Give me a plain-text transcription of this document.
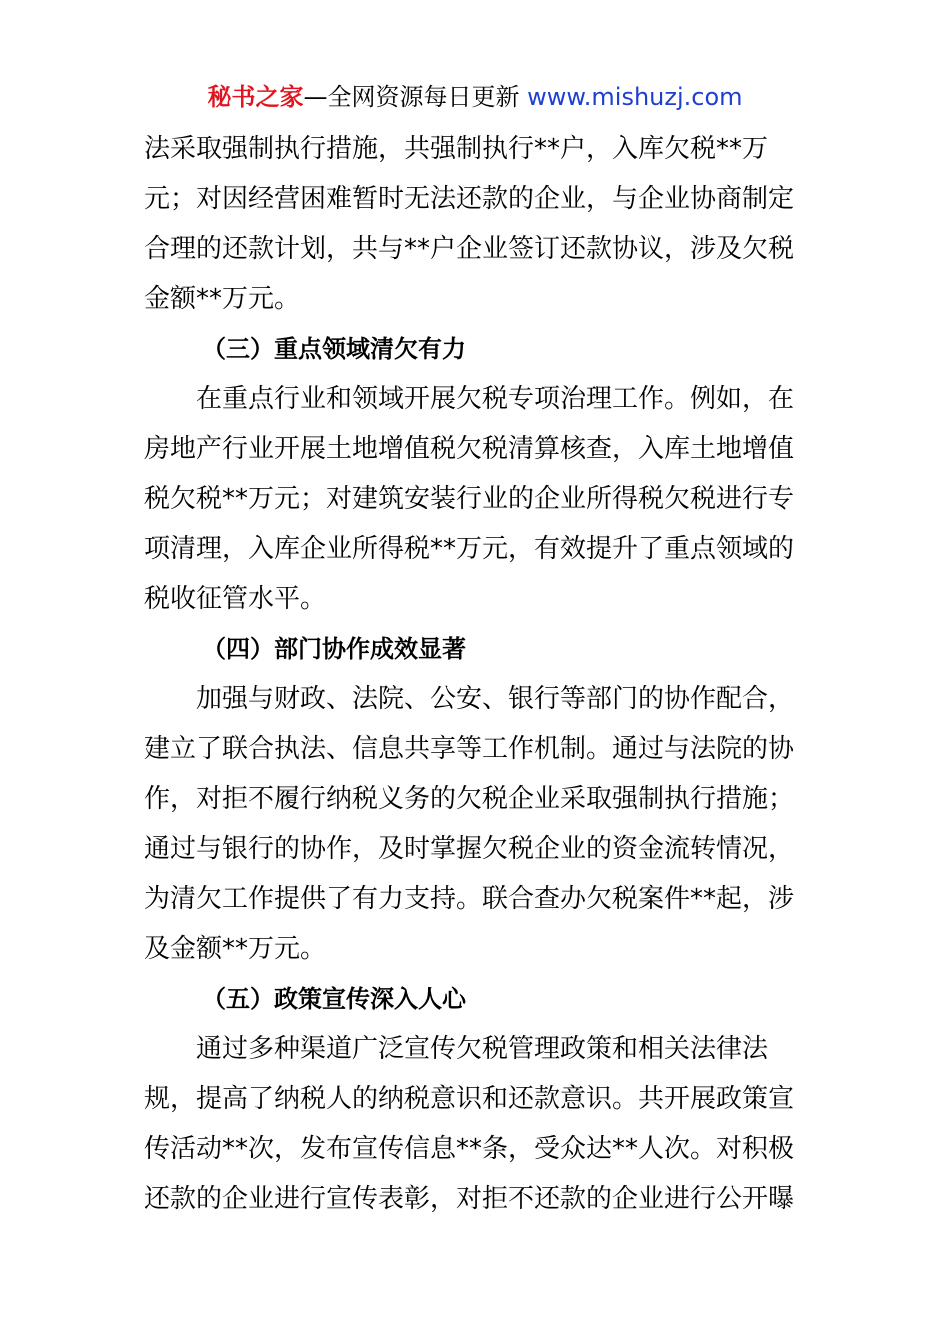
秘书之家—全网资源每日更新 www.mishuzj.com
法采取强制执行措施，共强制执行**户，入库欠税**万
元；对因经营困难暂时无法还款的企业，与企业协商制定
合理的还款计划，共与**户企业签订还款协议，涉及欠税
金额**万元。
（三）重点领域清欠有力
在重点行业和领域开展欠税专项治理工作。例如，在
房地产行业开展土地增值税欠税清算核查，入库土地增值
税欠税**万元；对建筑安装行业的企业所得税欠税进行专
项清理，入库企业所得税**万元，有效提升了重点领域的
税收征管水平。
（四）部门协作成效显著
加强与财政、法院、公安、银行等部门的协作配合，
建立了联合执法、信息共享等工作机制。通过与法院的协
作，对拒不履行纳税义务的欠税企业采取强制执行措施；
通过与银行的协作，及时掌握欠税企业的资金流转情况，
为清欠工作提供了有力支持。联合查办欠税案件**起，涉
及金额**万元。
（五）政策宣传深入人心
通过多种渠道广泛宣传欠税管理政策和相关法律法
规，提高了纳税人的纳税意识和还款意识。共开展政策宣
传活动**次，发布宣传信息**条，受众达**人次。对积极
还款的企业进行宣传表彰，对拒不还款的企业进行公开曝
